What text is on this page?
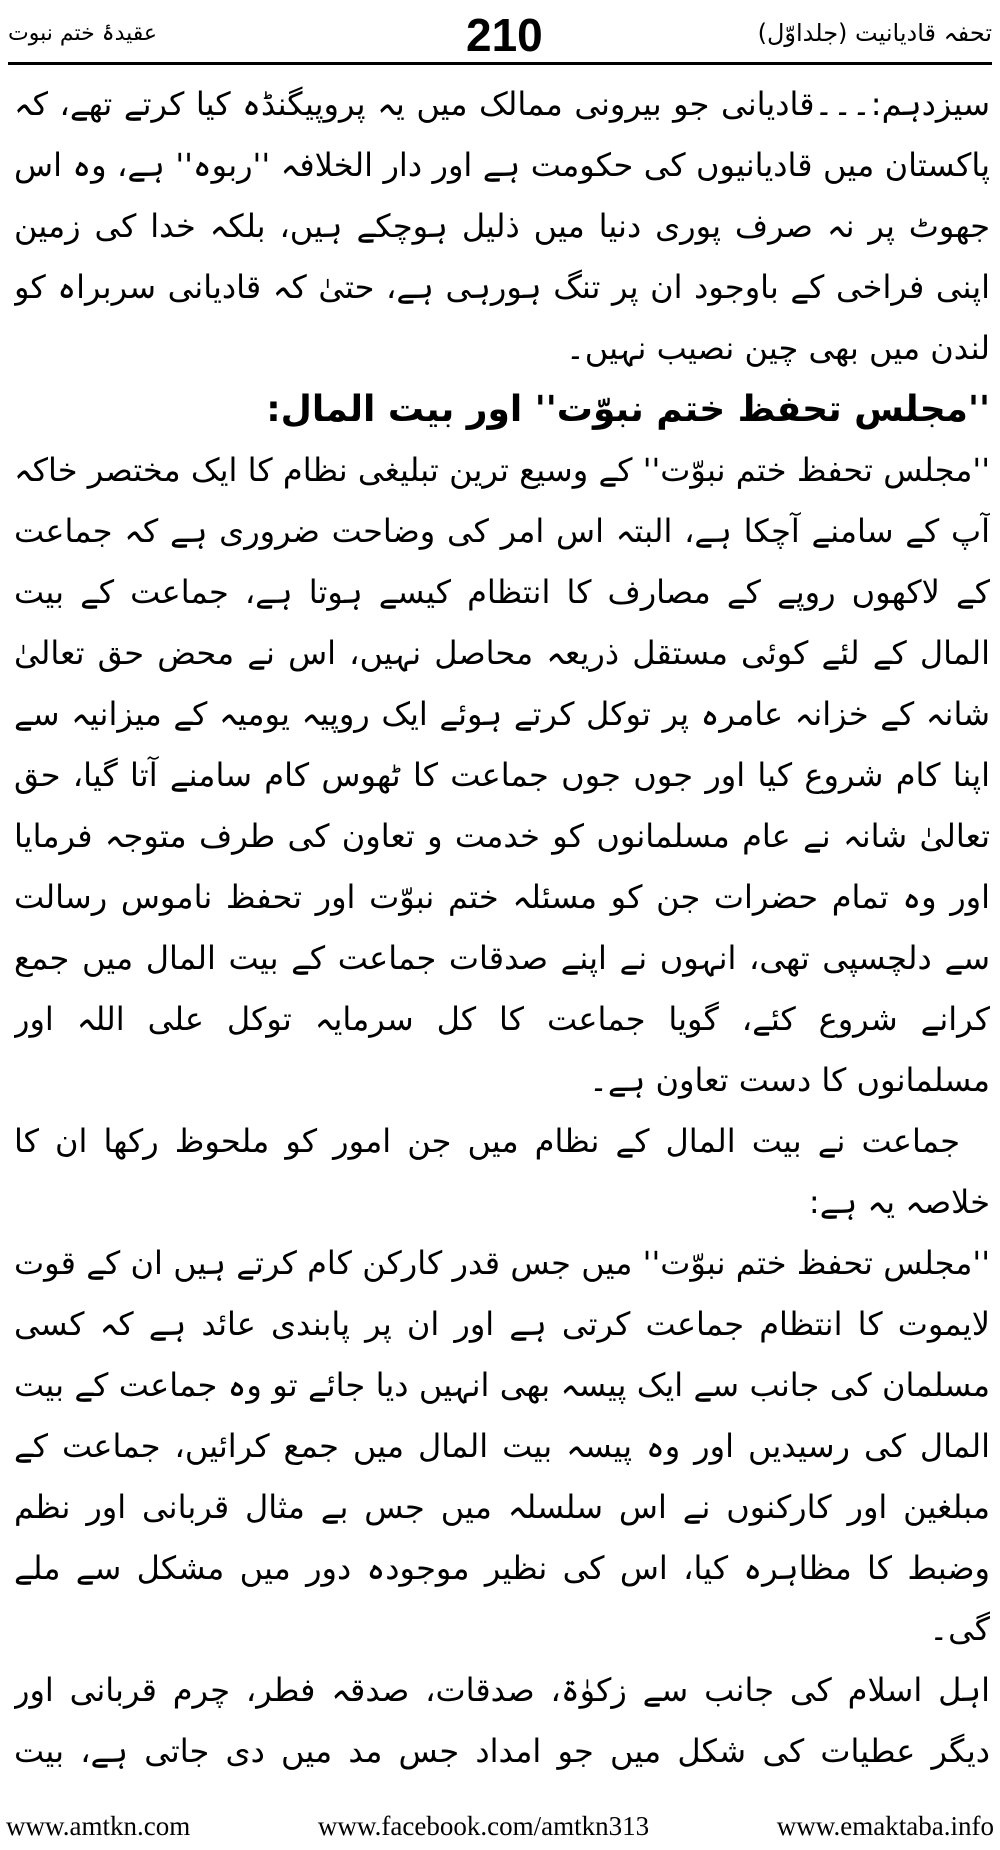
عقیدۂ ختم نبوت	210	تحفہ قادیانیت (جلداوّل)

سیزدہم:۔۔۔قادیانی جو بیرونی ممالک میں یہ پروپیگنڈہ کیا کرتے تھے، کہ پاکستان میں قادیانیوں کی حکومت ہے اور دار الخلافہ ''ربوہ'' ہے، وہ اس جھوٹ پر نہ صرف پوری دنیا میں ذلیل ہوچکے ہیں، بلکہ خدا کی زمین اپنی فراخی کے باوجود ان پر تنگ ہورہی ہے، حتیٰ کہ قادیانی سربراہ کو لندن میں بھی چین نصیب نہیں۔

''مجلس تحفظ ختم نبوّت'' اور بیت المال:

''مجلس تحفظ ختم نبوّت'' کے وسیع ترین تبلیغی نظام کا ایک مختصر خاکہ آپ کے سامنے آچکا ہے، البتہ اس امر کی وضاحت ضروری ہے کہ جماعت کے لاکھوں روپے کے مصارف کا انتظام کیسے ہوتا ہے، جماعت کے بیت المال کے لئے کوئی مستقل ذریعہ محاصل نہیں، اس نے محض حق تعالیٰ شانہ کے خزانہ عامرہ پر توکل کرتے ہوئے ایک روپیہ یومیہ کے میزانیہ سے اپنا کام شروع کیا اور جوں جوں جماعت کا ٹھوس کام سامنے آتا گیا، حق تعالیٰ شانہ نے عام مسلمانوں کو خدمت و تعاون کی طرف متوجہ فرمایا اور وہ تمام حضرات جن کو مسئلہ ختم نبوّت اور تحفظ ناموس رسالت سے دلچسپی تھی، انہوں نے اپنے صدقات جماعت کے بیت المال میں جمع کرانے شروع کئے، گویا جماعت کا کل سرمایہ توکل علی اللہ اور مسلمانوں کا دست تعاون ہے۔

جماعت نے بیت المال کے نظام میں جن امور کو ملحوظ رکھا ان کا خلاصہ یہ ہے:

''مجلس تحفظ ختم نبوّت'' میں جس قدر کارکن کام کرتے ہیں ان کے قوت لایموت کا انتظام جماعت کرتی ہے اور ان پر پابندی عائد ہے کہ کسی مسلمان کی جانب سے ایک پیسہ بھی انہیں دیا جائے تو وہ جماعت کے بیت المال کی رسیدیں اور وہ پیسہ بیت المال میں جمع کرائیں، جماعت کے مبلغین اور کارکنوں نے اس سلسلہ میں جس بے مثال قربانی اور نظم وضبط کا مظاہرہ کیا، اس کی نظیر موجودہ دور میں مشکل سے ملے گی۔

اہل اسلام کی جانب سے زکوٰۃ، صدقات، صدقہ فطر، چرم قربانی اور دیگر عطیات کی شکل میں جو امداد جس مد میں دی جاتی ہے، بیت

www.amtkn.com	www.facebook.com/amtkn313	www.emaktaba.info
